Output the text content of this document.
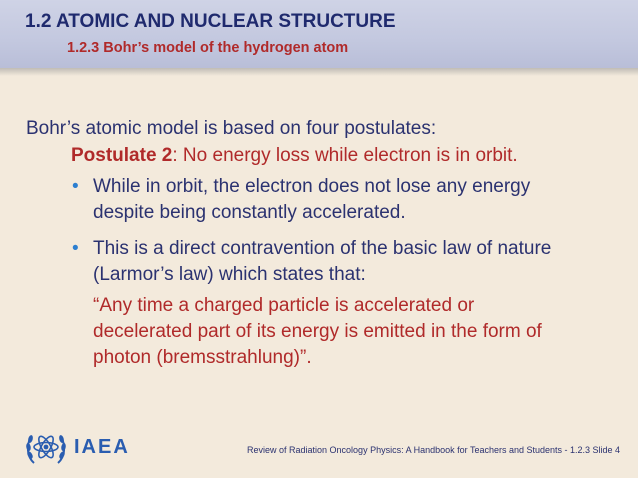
1.2 ATOMIC AND NUCLEAR STRUCTURE
1.2.3 Bohr’s model of the hydrogen atom
Bohr’s atomic model is based on four postulates:
Postulate 2: No energy loss while electron is in orbit.
• While in orbit, the electron does not lose any energy
despite being constantly accelerated.
• This is a direct contravention of the basic law of nature
(Larmor’s law) which states that:
“Any time a charged particle is accelerated or
decelerated part of its energy is emitted in the form of
photon (bremsstrahlung)”.
IAEA	Review of Radiation Oncology Physics: A Handbook for Teachers and Students - 1.2.3 Slide 4
